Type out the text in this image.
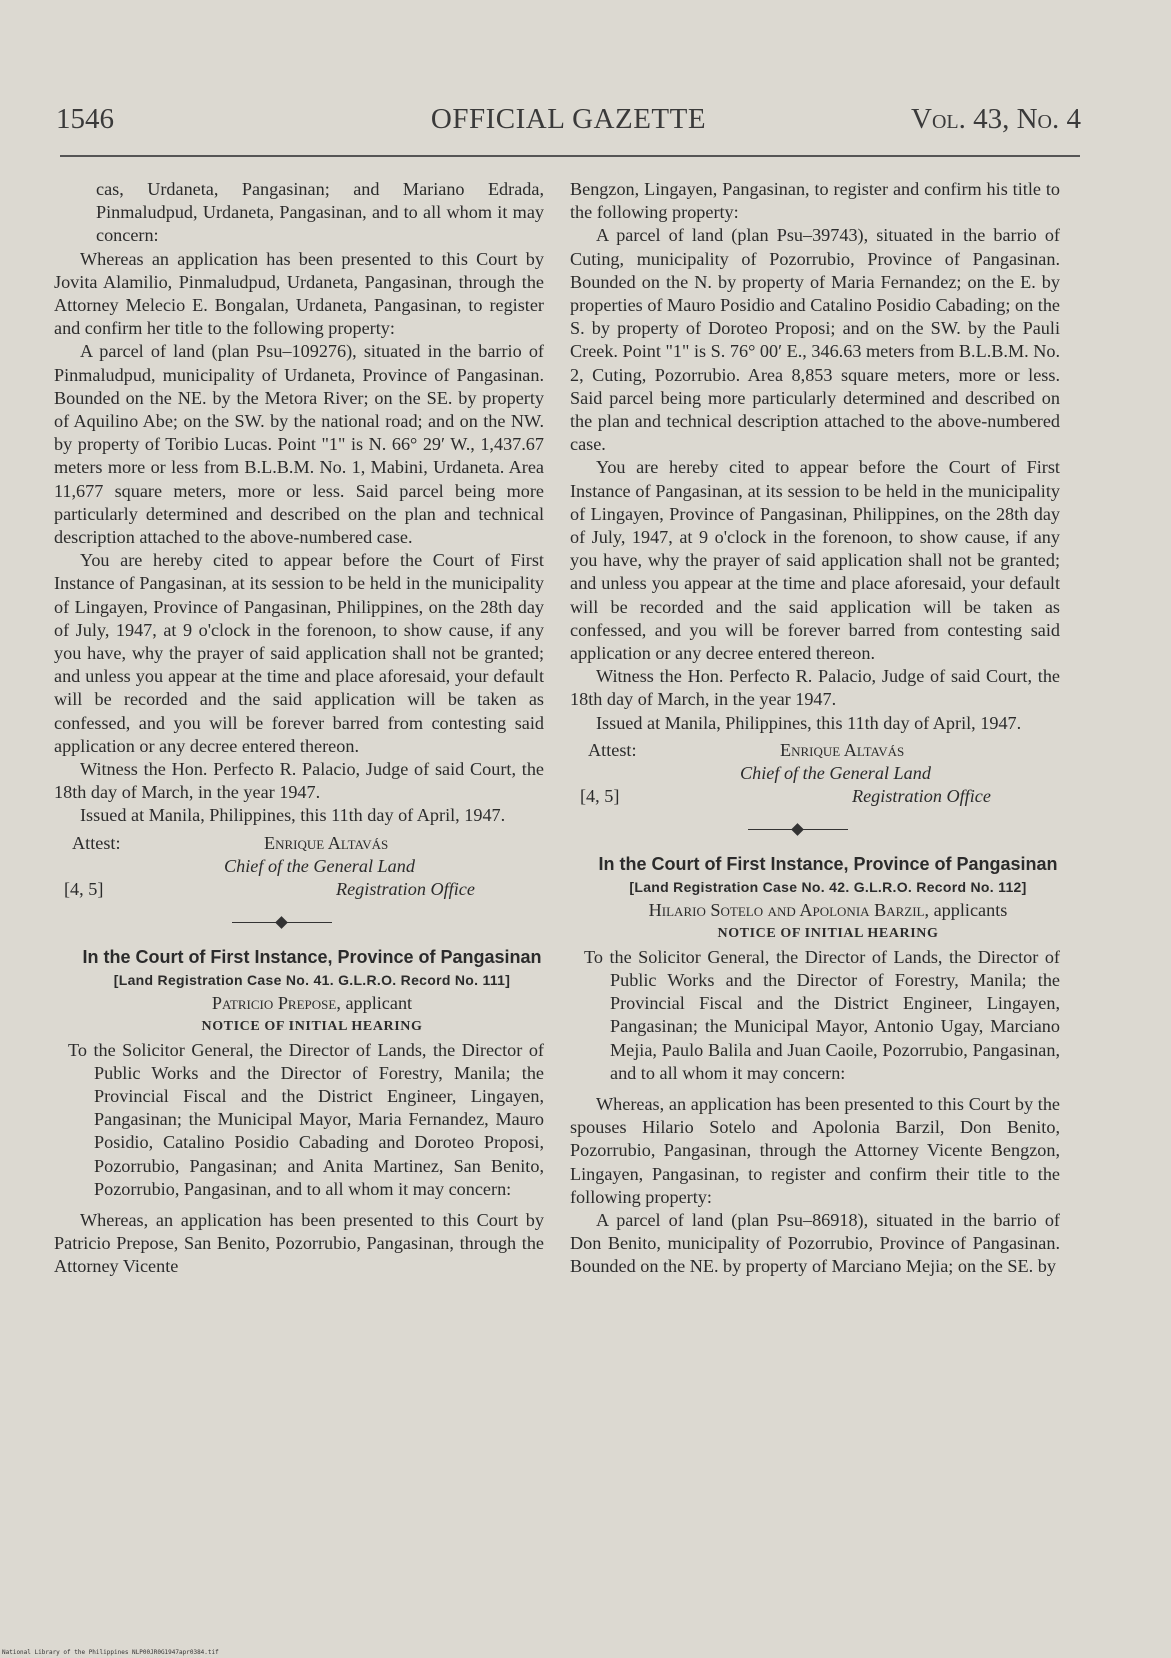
1546	OFFICIAL GAZETTE	Vol. 43, No. 4

cas, Urdaneta, Pangasinan; and Mariano Edrada, Pinmaludpud, Urdaneta, Pangasinan, and to all whom it may concern:

Whereas an application has been presented to this Court by Jovita Alamilio, Pinmaludpud, Urdaneta, Pangasinan, through the Attorney Melecio E. Bongalan, Urdaneta, Pangasinan, to register and confirm her title to the following property:

A parcel of land (plan Psu–109276), situated in the barrio of Pinmaludpud, municipality of Urdaneta, Province of Pangasinan. Bounded on the NE. by the Metora River; on the SE. by property of Aquilino Abe; on the SW. by the national road; and on the NW. by property of Toribio Lucas. Point "1" is N. 66° 29′ W., 1,437.67 meters more or less from B.L.B.M. No. 1, Mabini, Urdaneta. Area 11,677 square meters, more or less. Said parcel being more particularly determined and described on the plan and technical description attached to the above-numbered case.

You are hereby cited to appear before the Court of First Instance of Pangasinan, at its session to be held in the municipality of Lingayen, Province of Pangasinan, Philippines, on the 28th day of July, 1947, at 9 o'clock in the forenoon, to show cause, if any you have, why the prayer of said application shall not be granted; and unless you appear at the time and place aforesaid, your default will be recorded and the said application will be taken as confessed, and you will be forever barred from contesting said application or any decree entered thereon.

Witness the Hon. Perfecto R. Palacio, Judge of said Court, the 18th day of March, in the year 1947.

Issued at Manila, Philippines, this 11th day of April, 1947.

Attest:	Enrique Altavás
Chief of the General Land
[4, 5]	Registration Office

In the Court of First Instance, Province of Pangasinan

[Land Registration Case No. 41. G.L.R.O. Record No. 111]

Patricio Prepose, applicant

NOTICE OF INITIAL HEARING

To the Solicitor General, the Director of Lands, the Director of Public Works and the Director of Forestry, Manila; the Provincial Fiscal and the District Engineer, Lingayen, Pangasinan; the Municipal Mayor, Maria Fernandez, Mauro Posidio, Catalino Posidio Cabading and Doroteo Proposi, Pozorrubio, Pangasinan; and Anita Martinez, San Benito, Pozorrubio, Pangasinan, and to all whom it may concern:

Whereas, an application has been presented to this Court by Patricio Prepose, San Benito, Pozorrubio, Pangasinan, through the Attorney Vicente

Bengzon, Lingayen, Pangasinan, to register and confirm his title to the following property:

A parcel of land (plan Psu–39743), situated in the barrio of Cuting, municipality of Pozorrubio, Province of Pangasinan. Bounded on the N. by property of Maria Fernandez; on the E. by properties of Mauro Posidio and Catalino Posidio Cabading; on the S. by property of Doroteo Proposi; and on the SW. by the Pauli Creek. Point "1" is S. 76° 00′ E., 346.63 meters from B.L.B.M. No. 2, Cuting, Pozorrubio. Area 8,853 square meters, more or less. Said parcel being more particularly determined and described on the plan and technical description attached to the above-numbered case.

You are hereby cited to appear before the Court of First Instance of Pangasinan, at its session to be held in the municipality of Lingayen, Province of Pangasinan, Philippines, on the 28th day of July, 1947, at 9 o'clock in the forenoon, to show cause, if any you have, why the prayer of said application shall not be granted; and unless you appear at the time and place aforesaid, your default will be recorded and the said application will be taken as confessed, and you will be forever barred from contesting said application or any decree entered thereon.

Witness the Hon. Perfecto R. Palacio, Judge of said Court, the 18th day of March, in the year 1947.

Issued at Manila, Philippines, this 11th day of April, 1947.

Attest:	Enrique Altavás
Chief of the General Land
[4, 5]	Registration Office

In the Court of First Instance, Province of Pangasinan

[Land Registration Case No. 42. G.L.R.O. Record No. 112]

Hilario Sotelo and Apolonia Barzil, applicants

NOTICE OF INITIAL HEARING

To the Solicitor General, the Director of Lands, the Director of Public Works and the Director of Forestry, Manila; the Provincial Fiscal and the District Engineer, Lingayen, Pangasinan; the Municipal Mayor, Antonio Ugay, Marciano Mejia, Paulo Balila and Juan Caoile, Pozorrubio, Pangasinan, and to all whom it may concern:

Whereas, an application has been presented to this Court by the spouses Hilario Sotelo and Apolonia Barzil, Don Benito, Pozorrubio, Pangasinan, through the Attorney Vicente Bengzon, Lingayen, Pangasinan, to register and confirm their title to the following property:

A parcel of land (plan Psu–86918), situated in the barrio of Don Benito, municipality of Pozorrubio, Province of Pangasinan. Bounded on the NE. by property of Marciano Mejia; on the SE. by

National Library of the Philippines NLP00JR0G1947apr0384.tif
